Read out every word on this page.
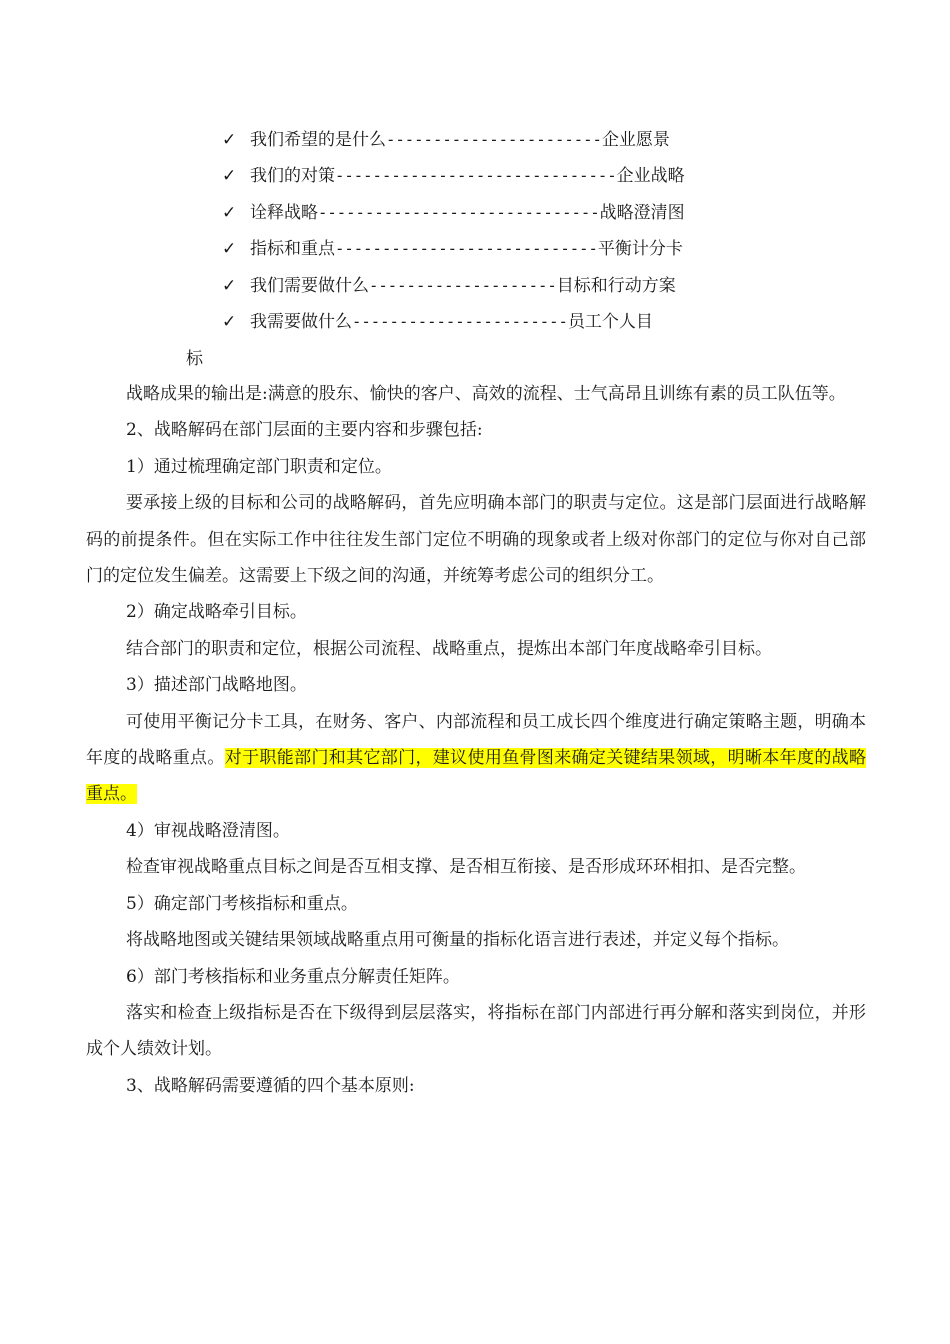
✓ 我们希望的是什么-----------------------企业愿景
✓ 我们的对策------------------------------企业战略
✓ 诠释战略------------------------------战略澄清图
✓ 指标和重点----------------------------平衡计分卡
✓ 我们需要做什么--------------------目标和行动方案
✓ 我需要做什么-----------------------员工个人目
标

战略成果的输出是:满意的股东、愉快的客户、高效的流程、士气高昂且训练有素的员工队伍等。

2、战略解码在部门层面的主要内容和步骤包括:

1）通过梳理确定部门职责和定位。

要承接上级的目标和公司的战略解码，首先应明确本部门的职责与定位。这是部门层面进行战略解码的前提条件。但在实际工作中往往发生部门定位不明确的现象或者上级对你部门的定位与你对自己部门的定位发生偏差。这需要上下级之间的沟通，并统筹考虑公司的组织分工。

2）确定战略牵引目标。

结合部门的职责和定位，根据公司流程、战略重点，提炼出本部门年度战略牵引目标。

3）描述部门战略地图。

可使用平衡记分卡工具，在财务、客户、内部流程和员工成长四个维度进行确定策略主题，明确本年度的战略重点。对于职能部门和其它部门，建议使用鱼骨图来确定关键结果领域，明晰本年度的战略重点。

4）审视战略澄清图。

检查审视战略重点目标之间是否互相支撑、是否相互衔接、是否形成环环相扣、是否完整。

5）确定部门考核指标和重点。

将战略地图或关键结果领域战略重点用可衡量的指标化语言进行表述，并定义每个指标。

6）部门考核指标和业务重点分解责任矩阵。

落实和检查上级指标是否在下级得到层层落实，将指标在部门内部进行再分解和落实到岗位，并形成个人绩效计划。

3、战略解码需要遵循的四个基本原则:
